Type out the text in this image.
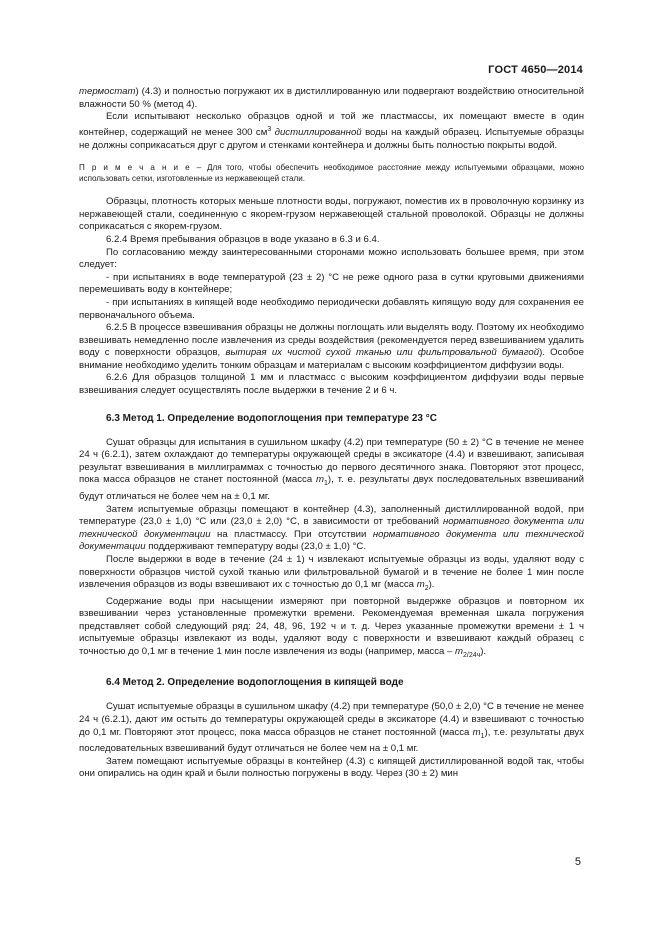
ГОСТ 4650—2014

термостат) (4.3) и полностью погружают их в дистиллированную или подвергают воздействию относительной влажности 50 % (метод 4).

Если испытывают несколько образцов одной и той же пластмассы, их помещают вместе в один контейнер, содержащий не менее 300 $см^3$ дистиллированной воды на каждый образец. Испытуемые образцы не должны соприкасаться друг с другом и стенками контейнера и должны быть полностью покрыты водой.

П р и м е ч а н и е – Для того, чтобы обеспечить необходимое расстояние между испытуемыми образцами, можно использовать сетки, изготовленные из нержавеющей стали.

Образцы, плотность которых меньше плотности воды, погружают, поместив их в проволочную корзинку из нержавеющей стали, соединенную с якорем-грузом нержавеющей стальной проволокой. Образцы не должны соприкасаться с якорем-грузом.

6.2.4 Время пребывания образцов в воде указано в 6.3 и 6.4.

По согласованию между заинтересованными сторонами можно использовать большее время, при этом следует:

- при испытаниях в воде температурой (23 ± 2) °С не реже одного раза в сутки круговыми движениями перемешивать воду в контейнере;

- при испытаниях в кипящей воде необходимо периодически добавлять кипящую воду для сохранения ее первоначального объема.

6.2.5 В процессе взвешивания образцы не должны поглощать или выделять воду. Поэтому их необходимо взвешивать немедленно после извлечения из среды воздействия (рекомендуется перед взвешиванием удалить воду с поверхности образцов, вытирая их чистой сухой тканью или фильтровальной бумагой). Особое внимание необходимо уделить тонким образцам и материалам с высоким коэффициентом диффузии воды.

6.2.6 Для образцов толщиной 1 мм и пластмасс с высоким коэффициентом диффузии воды первые взвешивания следует осуществлять после выдержки в течение 2 и 6 ч.

6.3 Метод 1. Определение водопоглощения при температуре 23 °С

Сушат образцы для испытания в сушильном шкафу (4.2) при температуре (50 ± 2) °С в течение не менее 24 ч (6.2.1), затем охлаждают до температуры окружающей среды в эксикаторе (4.4) и взвешивают, записывая результат взвешивания в миллиграммах с точностью до первого десятичного знака. Повторяют этот процесс, пока масса образцов не станет постоянной (масса $m_1$), т. е. результаты двух последовательных взвешиваний будут отличаться не более чем на ± 0,1 мг.

Затем испытуемые образцы помещают в контейнер (4.3), заполненный дистиллированной водой, при температуре (23,0 ± 1,0) °С или (23,0 ± 2,0) °С, в зависимости от требований нормативного документа или технической документации на пластмассу. При отсутствии нормативного документа или технической документации поддерживают температуру воды (23,0 ± 1,0) °С.

После выдержки в воде в течение (24 ± 1) ч извлекают испытуемые образцы из воды, удаляют воду с поверхности образцов чистой сухой тканью или фильтровальной бумагой и в течение не более 1 мин после извлечения образцов из воды взвешивают их с точностью до 0,1 мг (масса $m_2$).

Содержание воды при насыщении измеряют при повторной выдержке образцов и повторном их взвешивании через установленные промежутки времени. Рекомендуемая временная шкала погружения представляет собой следующий ряд: 24, 48, 96, 192 ч и т. д. Через указанные промежутки времени ± 1 ч испытуемые образцы извлекают из воды, удаляют воду с поверхности и взвешивают каждый образец с точностью до 0,1 мг в течение 1 мин после извлечения из воды (например, масса – $m_{2/24ч}$).

6.4 Метод 2. Определение водопоглощения в кипящей воде

Сушат испытуемые образцы в сушильном шкафу (4.2) при температуре (50,0 ± 2,0) °С в течение не менее 24 ч (6.2.1), дают им остыть до температуры окружающей среды в эксикаторе (4.4) и взвешивают с точностью до 0,1 мг. Повторяют этот процесс, пока масса образцов не станет постоянной (масса $m_1$), т.е. результаты двух последовательных взвешиваний будут отличаться не более чем на ± 0,1 мг.

Затем помещают испытуемые образцы в контейнер (4.3) с кипящей дистиллированной водой так, чтобы они опирались на один край и были полностью погружены в воду. Через (30 ± 2) мин

5
